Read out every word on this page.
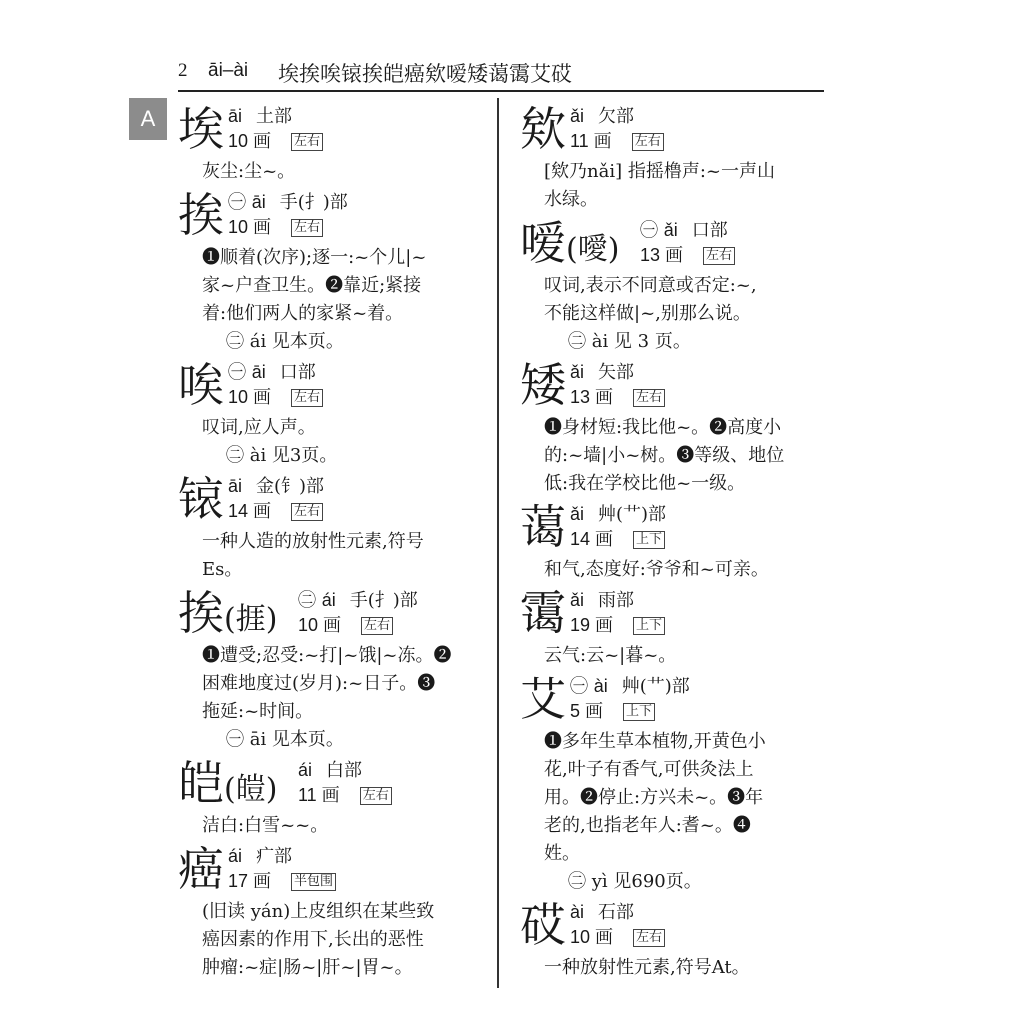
2 āi–ài 埃挨唉锿挨皑癌欸嗳矮蔼霭艾砹
A 埃 āi 土部
10 画 左右
灰尘:尘~。
挨 ㊀ āi 手(扌)部
10 画 左右
❶顺着(次序);逐一:~个儿|~
家~户查卫生。❷靠近;紧接
着:他们两人的家紧~着。
㊁ ái 见本页。
唉 ㊀ āi 口部
10 画 左右
叹词,应人声。
㊁ ài 见3页。
锿 āi 金(钅)部
14 画 左右
一种人造的放射性元素,符号
Es。
挨(捱)
㊁ ái 手(扌)部
10 画 左右
❶遭受;忍受:~打|~饿|~冻。❷
困难地度过(岁月):~日子。❸
拖延:~时间。
㊀ āi 见本页。
皑(皚)
ái 白部
11 画 左右
洁白:白雪~~。
癌 ái 疒部
17 画 半包围
(旧读 yán)上皮组织在某些致
癌因素的作用下,长出的恶性
肿瘤:~症|肠~|肝~|胃~。
欸 ǎi 欠部
11 画 左右
[欸乃nǎi] 指摇橹声:~一声山
水绿。
嗳(噯)
㊀ ǎi 口部
13 画 左右
叹词,表示不同意或否定:~,
不能这样做|~,别那么说。
㊁ ài 见 3 页。
矮 ǎi 矢部
13 画 左右
❶身材短:我比他~。❷高度小
的:~墙|小~树。❸等级、地位
低:我在学校比他~一级。
蔼 ǎi 艸(艹)部
14 画 上下
和气,态度好:爷爷和~可亲。
霭 ǎi 雨部
19 画 上下
云气:云~|暮~。
艾 ㊀ ài 艸(艹)部
5 画 上下
❶多年生草本植物,开黄色小
花,叶子有香气,可供灸法上
用。❷停止:方兴未~。❸年
老的,也指老年人:耆~。❹
姓。
㊁ yì 见690页。
砹 ài 石部
10 画 左右
一种放射性元素,符号At。
